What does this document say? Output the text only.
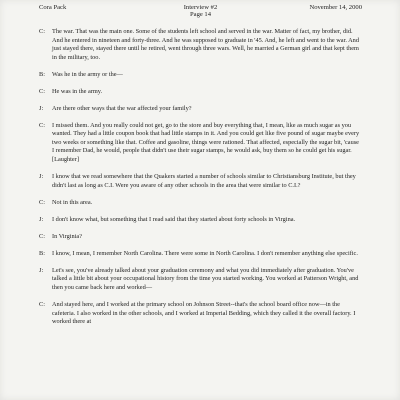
Cora Pack	Interview #2
Page 14
November 14, 2000
C:	The war. That was the main one. Some of the students left school and served in the war. Matter of fact, my brother, did. And he entered in nineteen and forty-three. And he was supposed to graduate in '45. And, he left and went to the war. And just stayed there, stayed there until he retired, went through three wars. Well, he married a German girl and that kept them in the military, too.
B:	Was he in the army or the—
C:	He was in the army.
J:	Are there other ways that the war affected your family?
C:	I missed them. And you really could not get, go to the store and buy everything that, I mean, like as much sugar as you wanted. They had a little coupon book that had little stamps in it. And you could get like five pound of sugar maybe every two weeks or something like that. Coffee and gasoline, things were rationed. That affected, especially the sugar bit, 'cause I remember Dad, he would, people that didn't use their sugar stamps, he would ask, buy them so he could get his sugar. [Laughter]
J:	I know that we read somewhere that the Quakers started a number of schools similar to Christiansburg Institute, but they didn't last as long as C.I. Were you aware of any other schools in the area that were similar to C.I.?
C:	Not in this area.
J:	I don't know what, but something that I read said that they started about forty schools in Virgina.
C:	In Virginia?
B:	I know, I mean, I remember North Carolina. There were some in North Carolina. I don't remember anything else specific.
J:	Let's see, you've already talked about your graduation ceremony and what you did immediately after graduation. You've talked a little bit about your occupational history from the time you started working. You worked at Patterson Wright, and then you came back here and worked—
C:	And stayed here, and I worked at the primary school on Johnson Street--that's the school board office now—in the cafeteria. I also worked in the other schools, and I worked at Imperial Bedding, which they called it the overall factory. I worked there at
